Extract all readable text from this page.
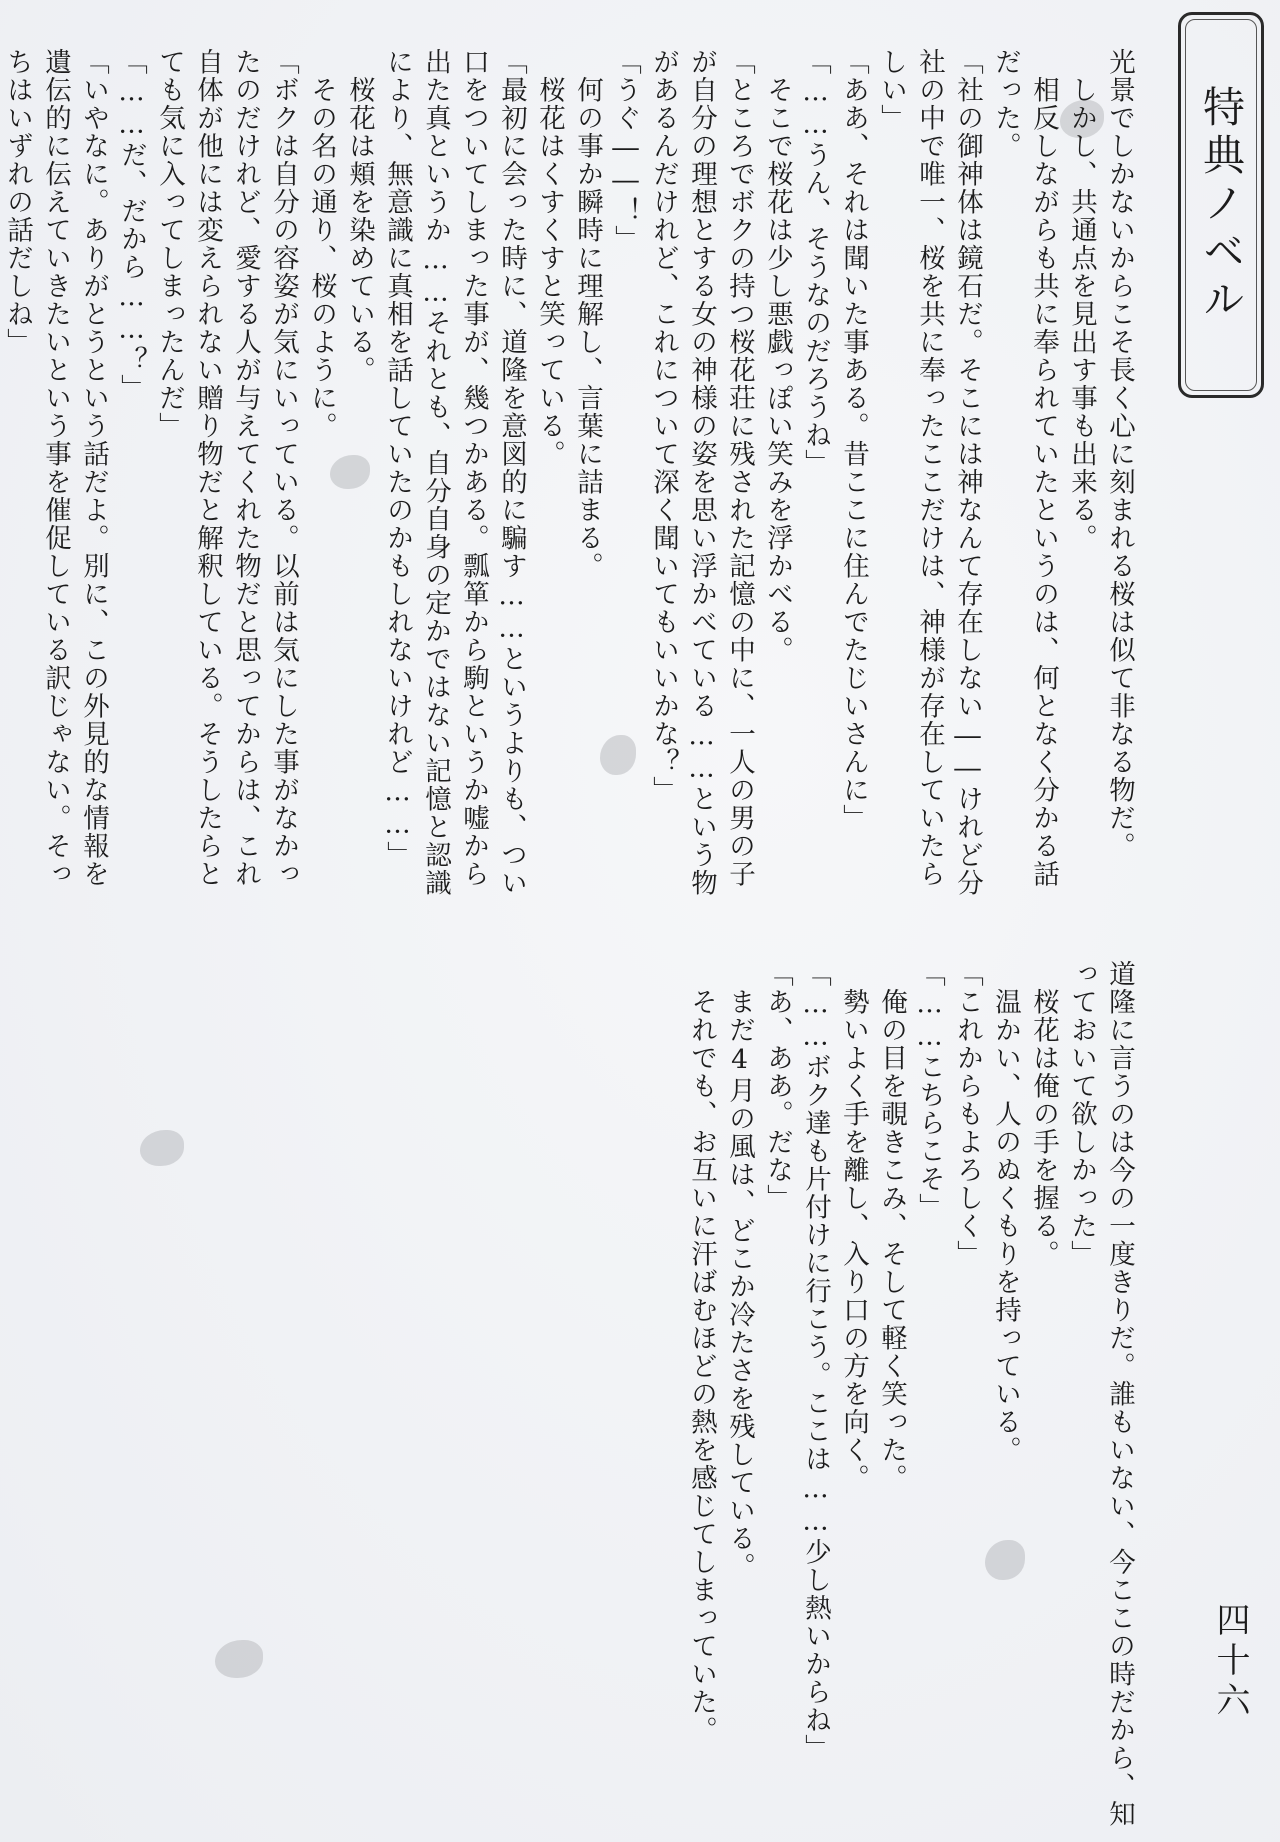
特典ノベル

光景でしかないからこそ長く心に刻まれる桜は似て非なる物だ。

　しかし、共通点を見出す事も出来る。

　相反しながらも共に奉られていたというのは、何となく分かる話だった。

「社の御神体は鏡石だ。そこには神なんて存在しない――けれど分社の中で唯一、桜を共に奉ったここだけは、神様が存在していたらしい」

「ああ、それは聞いた事ある。昔ここに住んでたじいさんに」

「……うん、そうなのだろうね」

　そこで桜花は少し悪戯っぽい笑みを浮かべる。

「ところでボクの持つ桜花荘に残された記憶の中に、一人の男の子が自分の理想とする女の神様の姿を思い浮かべている……という物があるんだけれど、これについて深く聞いてもいいかな？」

「うぐ――！」

　何の事か瞬時に理解し、言葉に詰まる。

　桜花はくすくすと笑っている。

「最初に会った時に、道隆を意図的に騙す……というよりも、つい口をついてしまった事が、幾つかある。瓢箪から駒というか嘘から出た真というか……それとも、自分自身の定かではない記憶と認識により、無意識に真相を話していたのかもしれないけれど……」

　桜花は頬を染めている。

　その名の通り、桜のように。

「ボクは自分の容姿が気にいっている。以前は気にした事がなかったのだけれど、愛する人が与えてくれた物だと思ってからは、これ自体が他には変えられない贈り物だと解釈している。そうしたらとても気に入ってしまったんだ」

「……だ、だから……？」

「いやなに。ありがとうという話だよ。別に、この外見的な情報を遺伝的に伝えていきたいという事を催促している訳じゃない。そっちはいずれの話だしね」

道隆に言うのは今の一度きりだ。誰もいない、今ここの時だから、知っておいて欲しかった」

　桜花は俺の手を握る。

　温かい、人のぬくもりを持っている。

「これからもよろしく」

「……こちらこそ」

　俺の目を覗きこみ、そして軽く笑った。

　勢いよく手を離し、入り口の方を向く。

「……ボク達も片付けに行こう。ここは……少し熱いからね」

「あ、ああ。だな」

　まだ4月の風は、どこか冷たさを残している。

　それでも、お互いに汗ばむほどの熱を感じてしまっていた。	四十六
